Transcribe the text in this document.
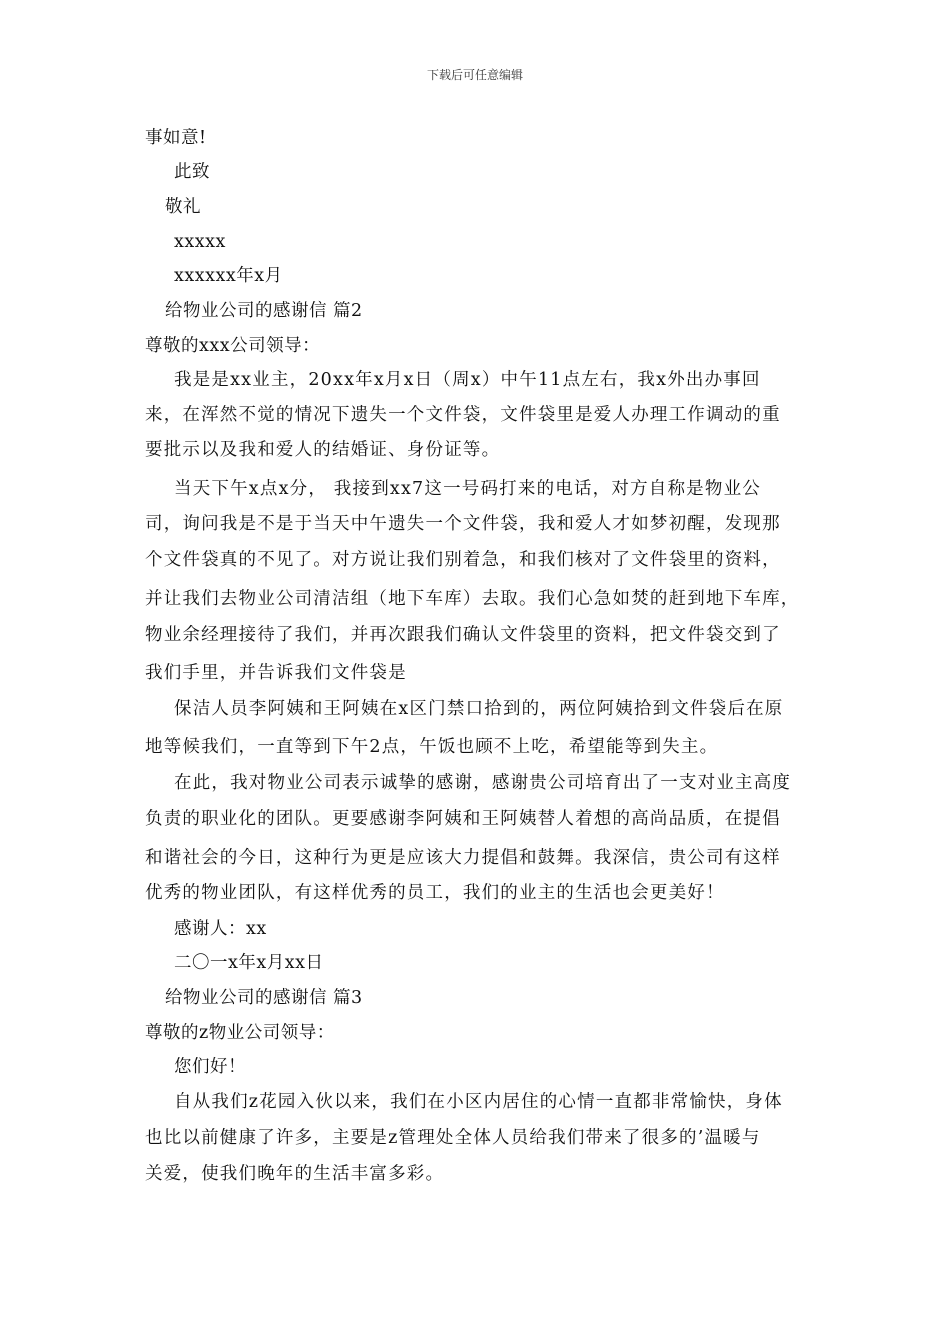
下载后可任意编辑
事如意!
此致
敬礼
xxxxx
xxxxxx年x月
给物业公司的感谢信 篇2
尊敬的xxx公司领导：
我是是xx业主，20xx年x月x日（周x）中午11点左右，我x外出办事回
来，在浑然不觉的情况下遗失一个文件袋，文件袋里是爱人办理工作调动的重
要批示以及我和爱人的结婚证、身份证等。
当天下午x点x分， 我接到xx7这一号码打来的电话，对方自称是物业公
司，询问我是不是于当天中午遗失一个文件袋，我和爱人才如梦初醒，发现那
个文件袋真的不见了。对方说让我们别着急，和我们核对了文件袋里的资料，
并让我们去物业公司清洁组（地下车库）去取。我们心急如焚的赶到地下车库，
物业余经理接待了我们，并再次跟我们确认文件袋里的资料，把文件袋交到了
我们手里，并告诉我们文件袋是
保洁人员李阿姨和王阿姨在x区门禁口拾到的，两位阿姨拾到文件袋后在原
地等候我们，一直等到下午2点，午饭也顾不上吃，希望能等到失主。
在此，我对物业公司表示诚挚的感谢，感谢贵公司培育出了一支对业主高度
负责的职业化的团队。更要感谢李阿姨和王阿姨替人着想的高尚品质，在提倡
和谐社会的今日，这种行为更是应该大力提倡和鼓舞。我深信，贵公司有这样
优秀的物业团队，有这样优秀的员工，我们的业主的生活也会更美好！
感谢人：xx
二〇一x年x月xx日
给物业公司的感谢信 篇3
尊敬的z物业公司领导：
您们好！
自从我们z花园入伙以来，我们在小区内居住的心情一直都非常愉快，身体
也比以前健康了许多，主要是z管理处全体人员给我们带来了很多的’温暖与
关爱，使我们晚年的生活丰富多彩。
